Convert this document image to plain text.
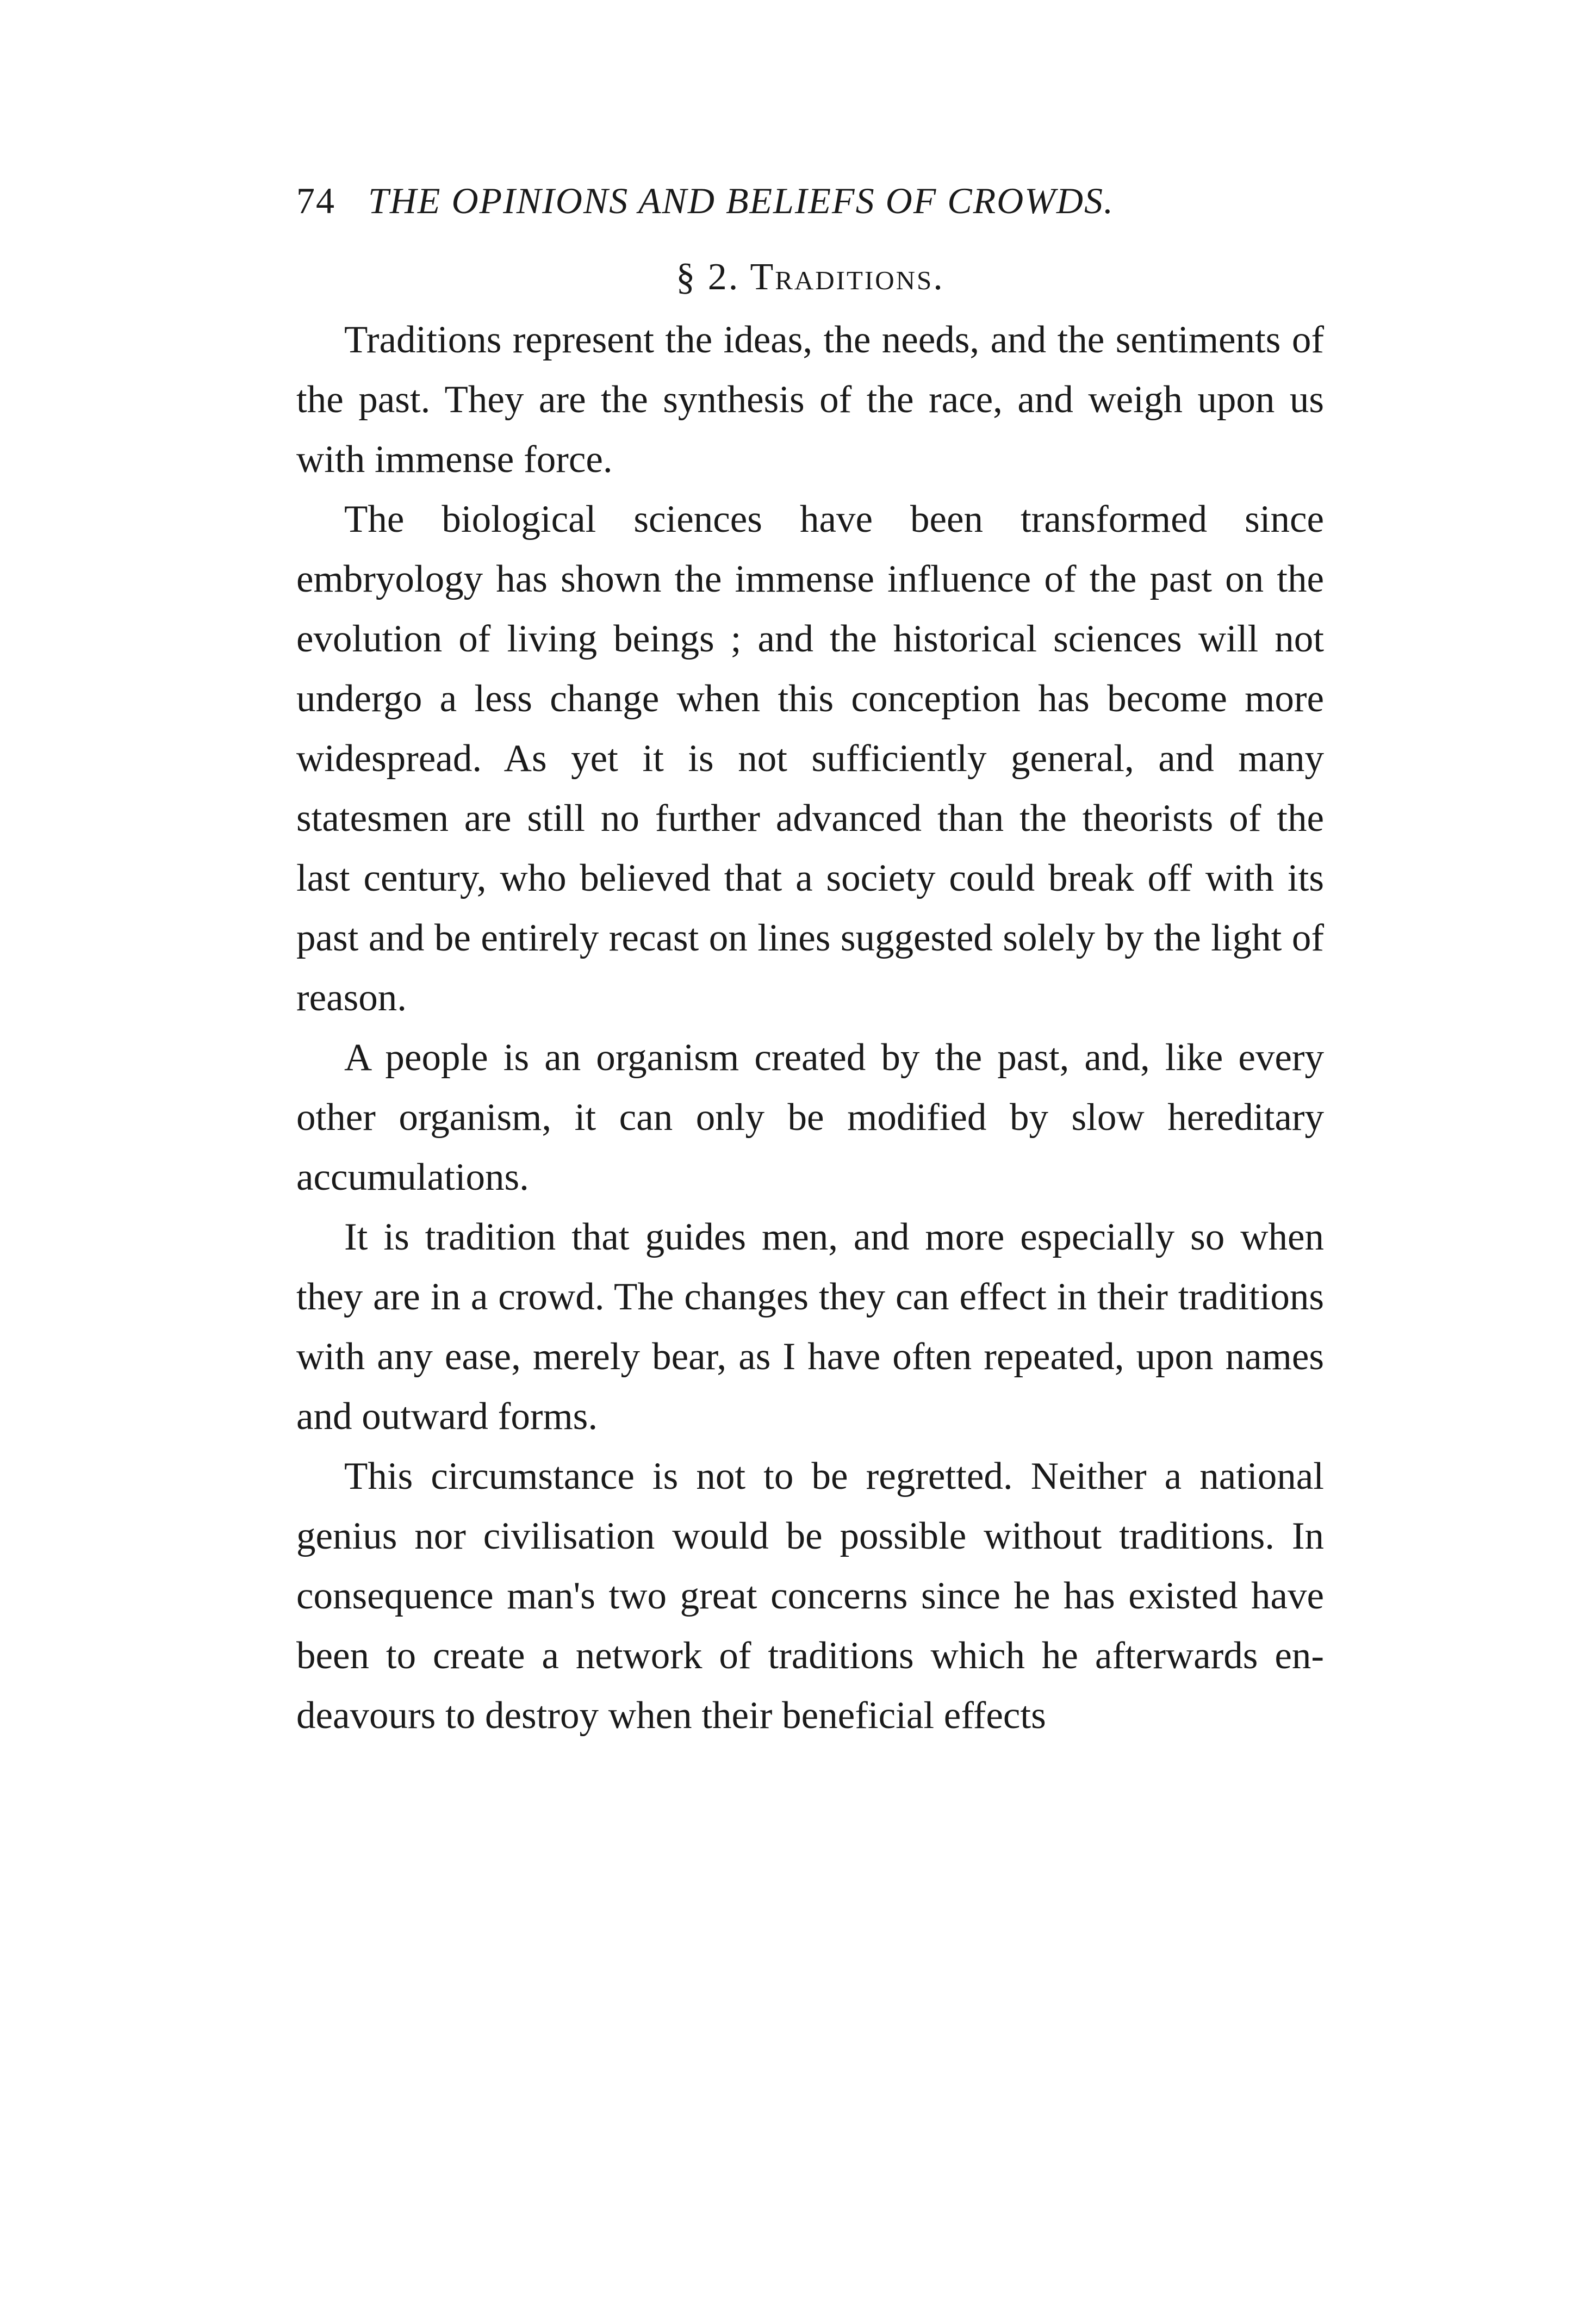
74 THE OPINIONS AND BELIEFS OF CROWDS.
§ 2. Traditions.

Traditions represent the ideas, the needs, and the sentiments of the past. They are the synthesis of the race, and weigh upon us with immense force.

The biological sciences have been transformed since embryology has shown the immense influence of the past on the evolution of living beings ; and the historical sciences will not undergo a less change when this conception has become more widespread. As yet it is not sufficiently general, and many statesmen are still no further advanced than the theorists of the last century, who believed that a society could break off with its past and be entirely recast on lines suggested solely by the light of reason.

A people is an organism created by the past, and, like every other organism, it can only be modified by slow hereditary accumulations.

It is tradition that guides men, and more especially so when they are in a crowd. The changes they can effect in their traditions with any ease, merely bear, as I have often repeated, upon names and outward forms.

This circumstance is not to be regretted. Neither a national genius nor civilisation would be possible without traditions. In consequence man's two great concerns since he has existed have been to create a network of traditions which he afterwards endeavours to destroy when their beneficial effects
